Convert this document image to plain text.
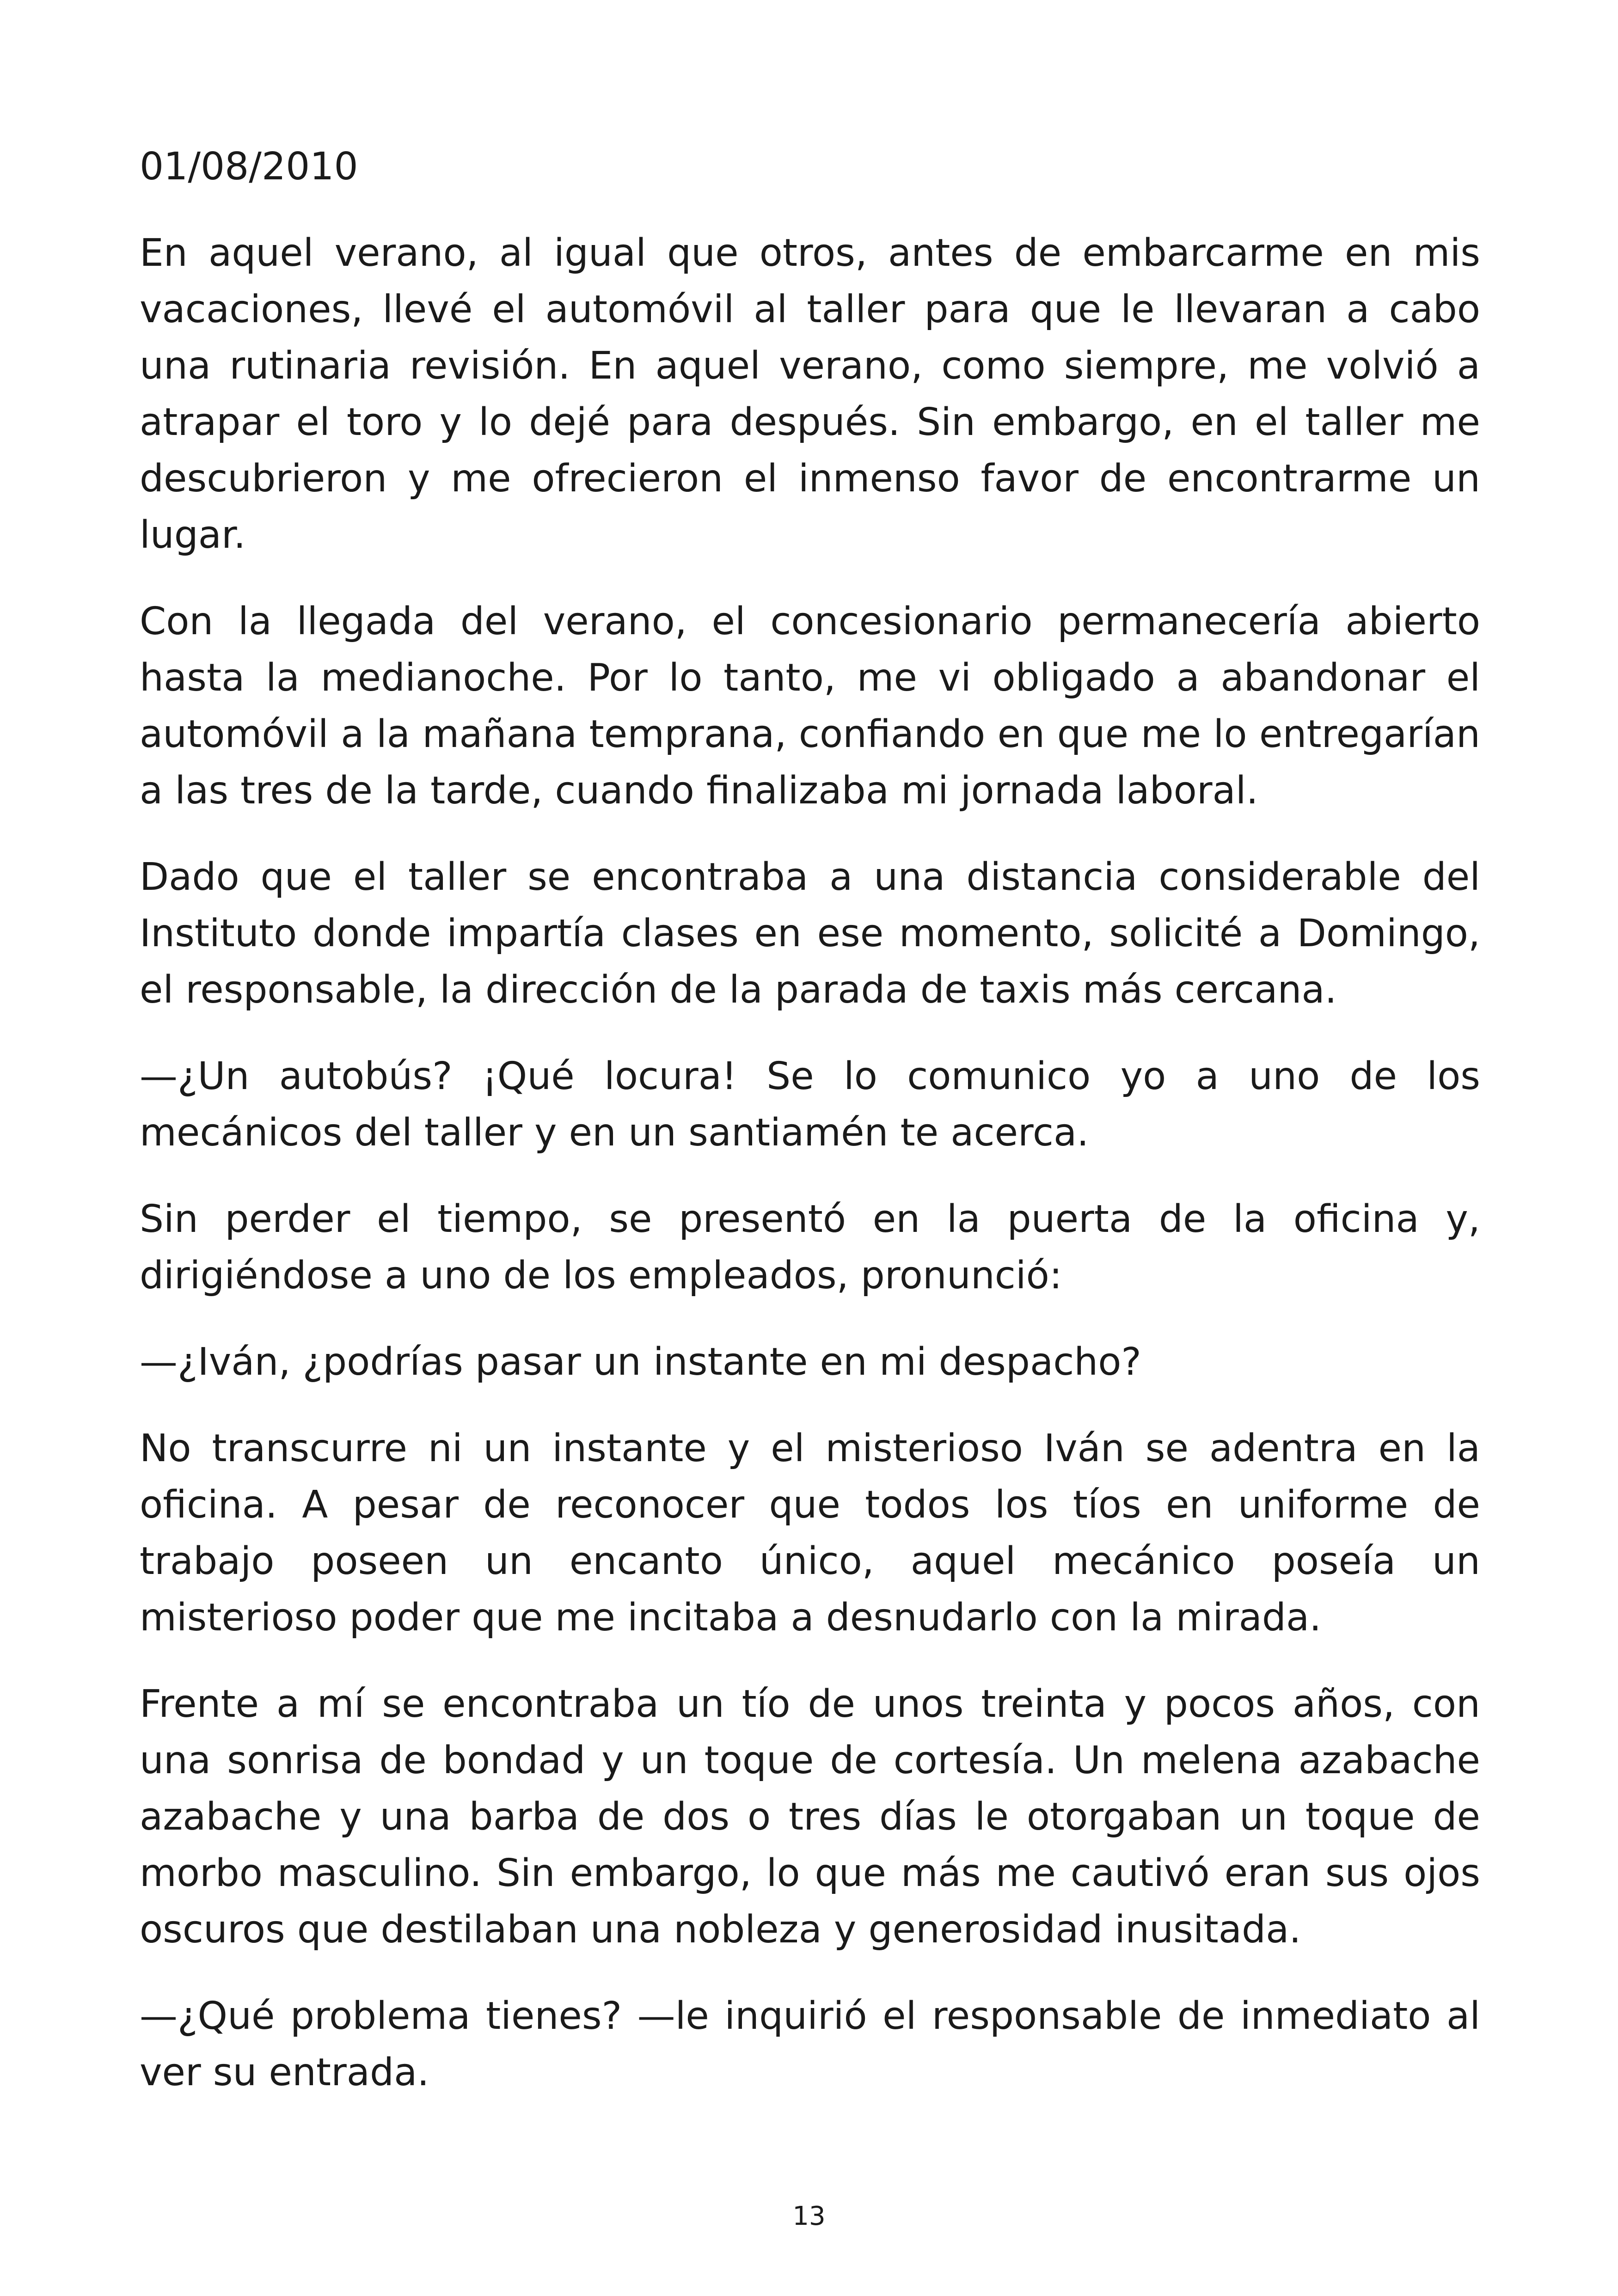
01/08/2010

En aquel verano, al igual que otros, antes de embarcarme en mis vacaciones, llevé el automóvil al taller para que le llevaran a cabo una rutinaria revisión. En aquel verano, como siempre, me volvió a atrapar el toro y lo dejé para después. Sin embargo, en el taller me descubrieron y me ofrecieron el inmenso favor de encontrarme un lugar.

Con la llegada del verano, el concesionario permanecería abierto hasta la medianoche. Por lo tanto, me vi obligado a abandonar el automóvil a la mañana temprana, confiando en que me lo entregarían a las tres de la tarde, cuando finalizaba mi jornada laboral.

Dado que el taller se encontraba a una distancia considerable del Instituto donde impartía clases en ese momento, solicité a Domingo, el responsable, la dirección de la parada de taxis más cercana.

—¿Un autobús? ¡Qué locura! Se lo comunico yo a uno de los mecánicos del taller y en un santiamén te acerca.

Sin perder el tiempo, se presentó en la puerta de la oficina y, dirigiéndose a uno de los empleados, pronunció:

—¿Iván, ¿podrías pasar un instante en mi despacho?

No transcurre ni un instante y el misterioso Iván se adentra en la oficina. A pesar de reconocer que todos los tíos en uniforme de trabajo poseen un encanto único, aquel mecánico poseía un misterioso poder que me incitaba a desnudarlo con la mirada.

Frente a mí se encontraba un tío de unos treinta y pocos años, con una sonrisa de bondad y un toque de cortesía. Un melena azabache azabache y una barba de dos o tres días le otorgaban un toque de morbo masculino. Sin embargo, lo que más me cautivó eran sus ojos oscuros que destilaban una nobleza y generosidad inusitada.

—¿Qué problema tienes? —le inquirió el responsable de inmediato al ver su entrada.

13
